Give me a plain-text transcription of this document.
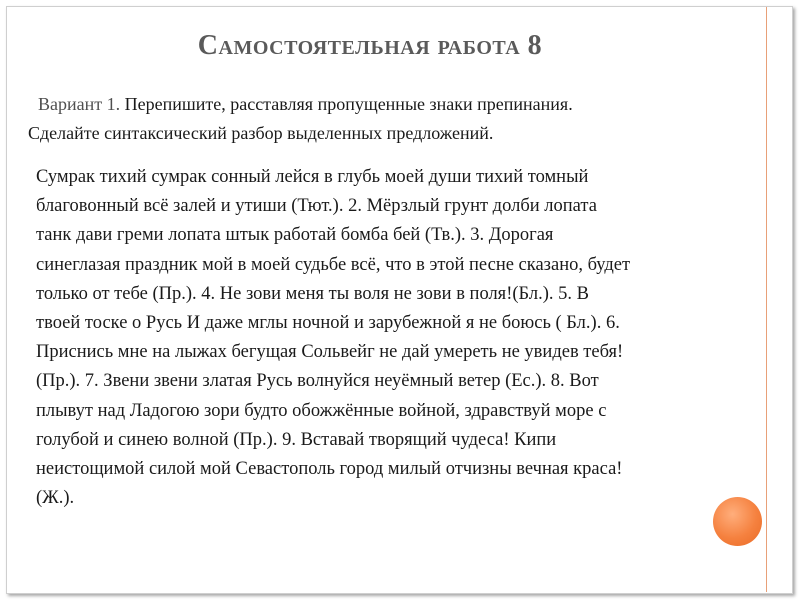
Самостоятельная работа 8
Вариант 1. Перепишите, расставляя пропущенные знаки препинания.
Сделайте синтаксический разбор выделенных предложений.
Сумрак тихий сумрак сонный лейся в глубь моей души тихий томный
благовонный всё залей и утиши (Тют.). 2. Мёрзлый грунт долби лопата
танк дави греми лопата штык работай бомба бей (Тв.). 3. Дорогая
синеглазая праздник мой в моей судьбе всё, что в этой песне сказано, будет
только от тебе (Пр.). 4. Не зови меня ты воля не зови в поля!(Бл.). 5. В
твоей тоске о Русь И даже мглы ночной и зарубежной я не боюсь ( Бл.). 6.
Приснись мне на лыжах бегущая Сольвейг не дай умереть не увидев тебя!
(Пр.). 7. Звени звени златая Русь волнуйся неуёмный ветер (Ес.). 8. Вот
плывут над Ладогою зори будто обожжённые войной, здравствуй море с
голубой и синею волной (Пр.). 9. Вставай творящий чудеса! Кипи
неистощимой силой мой Севастополь город милый отчизны вечная краса!
(Ж.).
